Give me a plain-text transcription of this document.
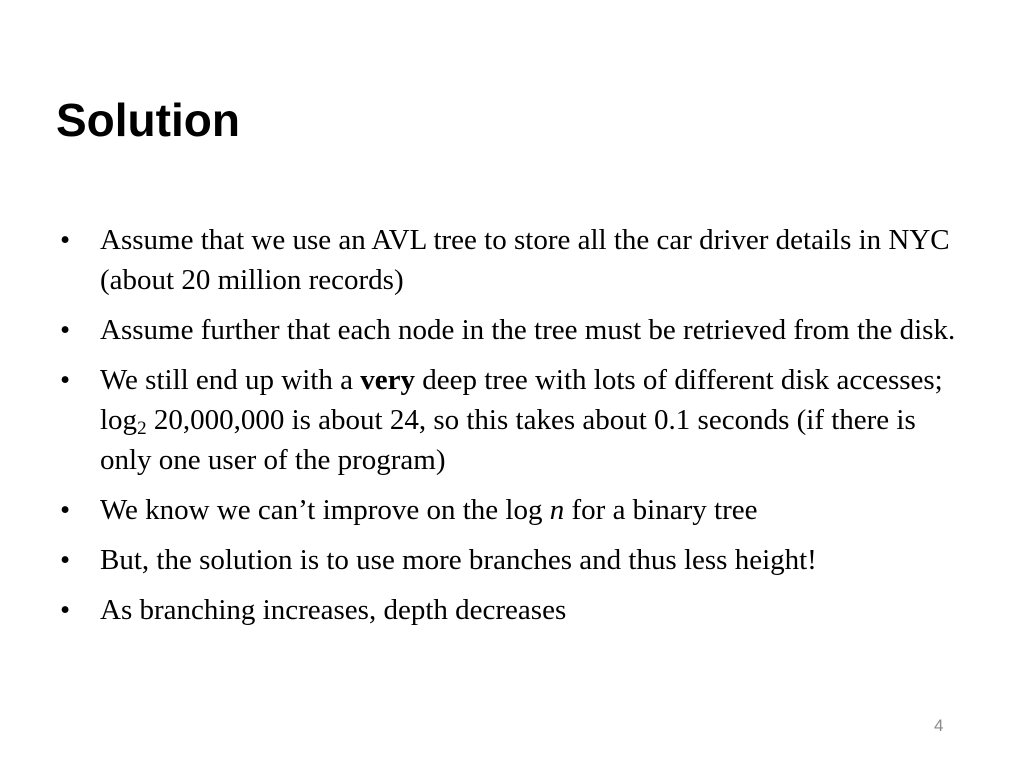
Solution
•	Assume that we use an AVL tree to store all the car driver details in NYC  (about 20 million records)
•	Assume further that each node in the tree must be retrieved from the disk.
•	We still end up with a very deep tree with lots of different disk accesses; $\log_2 20,000,000$ is about 24, so this takes about 0.1 seconds (if there is only one user of the program)
•	We know we can’t improve on the log n for a binary tree
•	But, the solution is to use more branches and thus less height!
•	As branching increases, depth decreases
4
